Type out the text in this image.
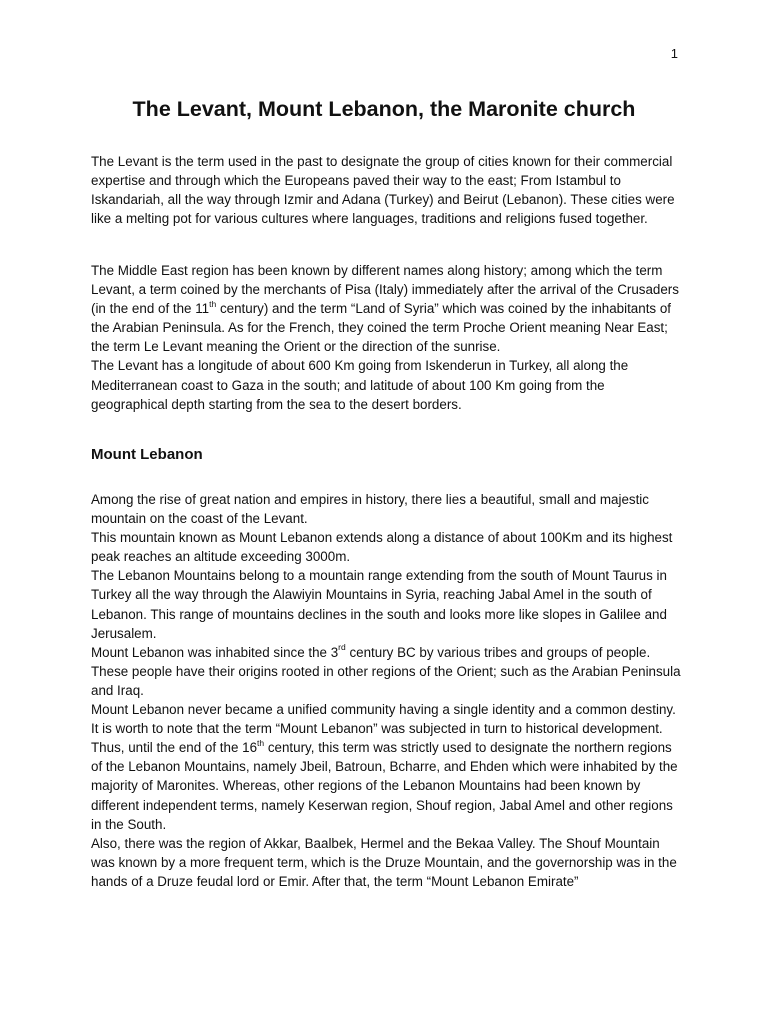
1
The Levant, Mount Lebanon, the Maronite church

The Levant is the term used in the past to designate the group of cities known for their commercial expertise and through which the Europeans paved their way to the east; From Istambul to Iskandariah, all the way through Izmir and Adana (Turkey) and Beirut (Lebanon). These cities were like a melting pot for various cultures where languages, traditions and religions fused together.

The Middle East region has been known by different names along history; among which the term Levant, a term coined by the merchants of Pisa (Italy) immediately after the arrival of the Crusaders (in the end of the 11th century) and the term “Land of Syria” which was coined by the inhabitants of the Arabian Peninsula. As for the French, they coined the term Proche Orient meaning Near East; the term Le Levant meaning the Orient or the direction of the sunrise.

The Levant has a longitude of about 600 Km going from Iskenderun in Turkey, all along the Mediterranean coast to Gaza in the south; and latitude of about 100 Km going from the geographical depth starting from the sea to the desert borders.

Mount Lebanon

Among the rise of great nation and empires in history, there lies a beautiful, small and majestic mountain on the coast of the Levant.

This mountain known as Mount Lebanon extends along a distance of about 100Km and its highest peak reaches an altitude exceeding 3000m.

The Lebanon Mountains belong to a mountain range extending from the south of Mount Taurus in Turkey all the way through the Alawiyin Mountains in Syria, reaching Jabal Amel in the south of Lebanon. This range of mountains declines in the south and looks more like slopes in Galilee and Jerusalem.

Mount Lebanon was inhabited since the 3rd century BC by various tribes and groups of people. These people have their origins rooted in other regions of the Orient; such as the Arabian Peninsula and Iraq.

Mount Lebanon never became a unified community having a single identity and a common destiny.

It is worth to note that the term “Mount Lebanon” was subjected in turn to historical development.

Thus, until the end of the 16th century, this term was strictly used to designate the northern regions of the Lebanon Mountains, namely Jbeil, Batroun, Bcharre, and Ehden which were inhabited by the majority of Maronites. Whereas, other regions of the Lebanon Mountains had been known by different independent terms, namely Keserwan region, Shouf region, Jabal Amel and other regions in the South.

Also, there was the region of Akkar, Baalbek, Hermel and the Bekaa Valley. The Shouf Mountain was known by a more frequent term, which is the Druze Mountain, and the governorship was in the hands of a Druze feudal lord or Emir. After that, the term “Mount Lebanon Emirate”
